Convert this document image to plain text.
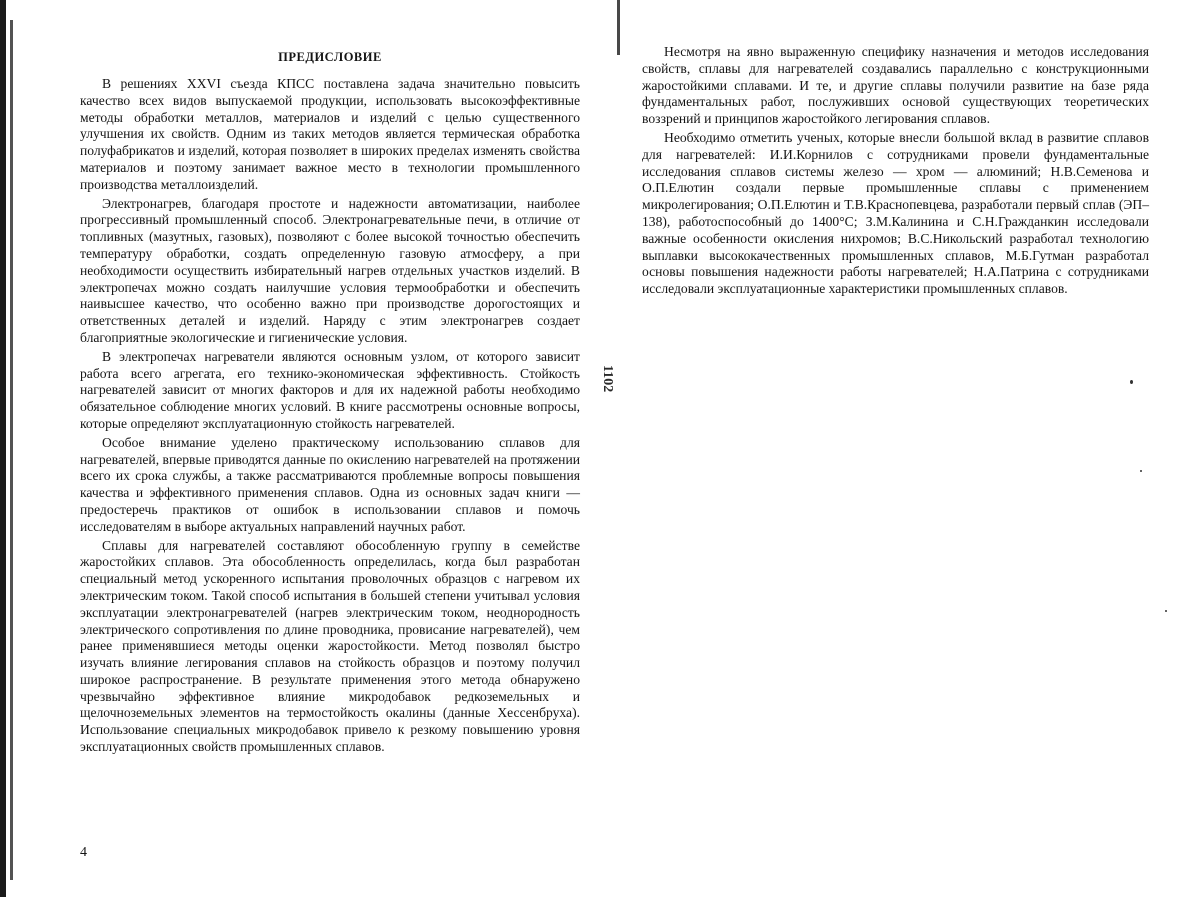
ПРЕДИСЛОВИЕ

В решениях XXVI съезда КПСС поставлена задача значительно повысить качество всех видов выпускаемой продукции, использовать высокоэффективные методы обработки металлов, материалов и изделий с целью существенного улучшения их свойств. Одним из таких методов является термическая обработка полуфабрикатов и изделий, которая позволяет в широких пределах изменять свойства материалов и поэтому занимает важное место в технологии промышленного производства металлоизделий.

Электронагрев, благодаря простоте и надежности автоматизации, наиболее прогрессивный промышленный способ. Электронагревательные печи, в отличие от топливных (мазутных, газовых), позволяют с более высокой точностью обеспечить температуру обработки, создать определенную газовую атмосферу, а при необходимости осуществить избирательный нагрев отдельных участков изделий. В электропечах можно создать наилучшие условия термообработки и обеспечить наивысшее качество, что особенно важно при производстве дорогостоящих и ответственных деталей и изделий. Наряду с этим электронагрев создает благоприятные экологические и гигиенические условия.

В электропечах нагреватели являются основным узлом, от которого зависит работа всего агрегата, его технико-экономическая эффективность. Стойкость нагревателей зависит от многих факторов и для их надежной работы необходимо обязательное соблюдение многих условий. В книге рассмотрены основные вопросы, которые определяют эксплуатационную стойкость нагревателей.

Особое внимание уделено практическому использованию сплавов для нагревателей, впервые приводятся данные по окислению нагревателей на протяжении всего их срока службы, а также рассматриваются проблемные вопросы повышения качества и эффективного применения сплавов. Одна из основных задач книги — предостеречь практиков от ошибок в использовании сплавов и помочь исследователям в выборе актуальных направлений научных работ.

Сплавы для нагревателей составляют обособленную группу в семействе жаростойких сплавов. Эта обособленность определилась, когда был разработан специальный метод ускоренного испытания проволочных образцов с нагревом их электрическим током. Такой способ испытания в большей степени учитывал условия эксплуатации электронагревателей (нагрев электрическим током, неоднородность электрического сопротивления по длине проводника, провисание нагревателей), чем ранее применявшиеся методы оценки жаростойкости. Метод позволял быстро изучать влияние легирования сплавов на стойкость образцов и поэтому получил широкое распространение. В результате применения этого метода обнаружено чрезвычайно эффективное влияние микродобавок редкоземельных и щелочноземельных элементов на термостойкость окалины (данные Хессенбруха). Использование специальных микродобавок привело к резкому повышению уровня эксплуатационных свойств промышленных сплавов.

4
1102

Несмотря на явно выраженную специфику назначения и методов исследования свойств, сплавы для нагревателей создавались параллельно с конструкционными жаростойкими сплавами. И те, и другие сплавы получили развитие на базе ряда фундаментальных работ, послуживших основой существующих теоретических воззрений и принципов жаростойкого легирования сплавов.

Необходимо отметить ученых, которые внесли большой вклад в развитие сплавов для нагревателей: И.И.Корнилов с сотрудниками провели фундаментальные исследования сплавов системы железо — хром — алюминий; Н.В.Семенова и О.П.Елютин создали первые промышленные сплавы с применением микролегирования; О.П.Елютин и Т.В.Краснопевцева, разработали первый сплав (ЭП–138), работоспособный до 1400°С; З.М.Калинина и С.Н.Гражданкин исследовали важные особенности окисления нихромов; В.С.Никольский разработал технологию выплавки высококачественных промышленных сплавов, М.Б.Гутман разработал основы повышения надежности работы нагревателей; Н.А.Патрина с сотрудниками исследовали эксплуатационные характеристики промышленных сплавов.
